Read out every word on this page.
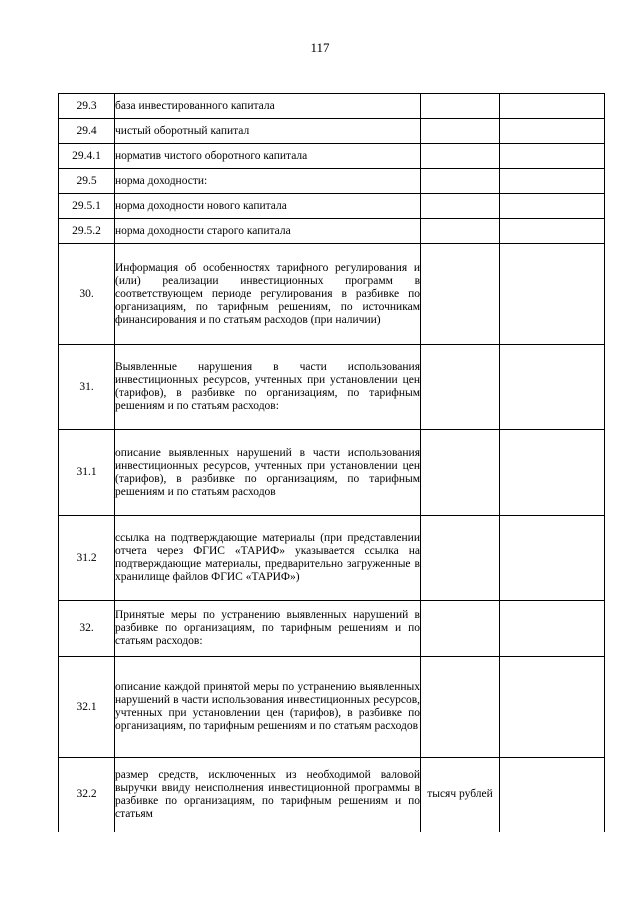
117
29.3	база инвестированного капитала		
29.4	чистый оборотный капитал		
29.4.1	норматив чистого оборотного капитала		
29.5	норма доходности:		
29.5.1	норма доходности нового капитала		
29.5.2	норма доходности старого капитала		
30.	Информация об особенностях тарифного регулирования и (или) реализации инвестиционных программ в соответствующем периоде регулирования в разбивке по организациям, по тарифным решениям, по источникам финансирования и по статьям расходов (при наличии)		
31.	Выявленные нарушения в части использования инвестиционных ресурсов, учтенных при установлении цен (тарифов), в разбивке по организациям, по тарифным решениям и по статьям расходов:		
31.1	описание выявленных нарушений в части использования инвестиционных ресурсов, учтенных при установлении цен (тарифов), в разбивке по организациям, по тарифным решениям и по статьям расходов		
31.2	ссылка на подтверждающие материалы (при представлении отчета через ФГИС «ТАРИФ» указывается ссылка на подтверждающие материалы, предварительно загруженные в хранилище файлов ФГИС «ТАРИФ»)		
32.	Принятые меры по устранению выявленных нарушений в разбивке по организациям, по тарифным решениям и по статьям расходов:		
32.1	описание каждой принятой меры по устранению выявленных нарушений в части использования инвестиционных ресурсов, учтенных при установлении цен (тарифов), в разбивке по организациям, по тарифным решениям и по статьям расходов		
32.2	размер средств, исключенных из необходимой валовой выручки ввиду неисполнения инвестиционной программы в разбивке по организациям, по тарифным решениям и по статьям	тысяч рублей	
